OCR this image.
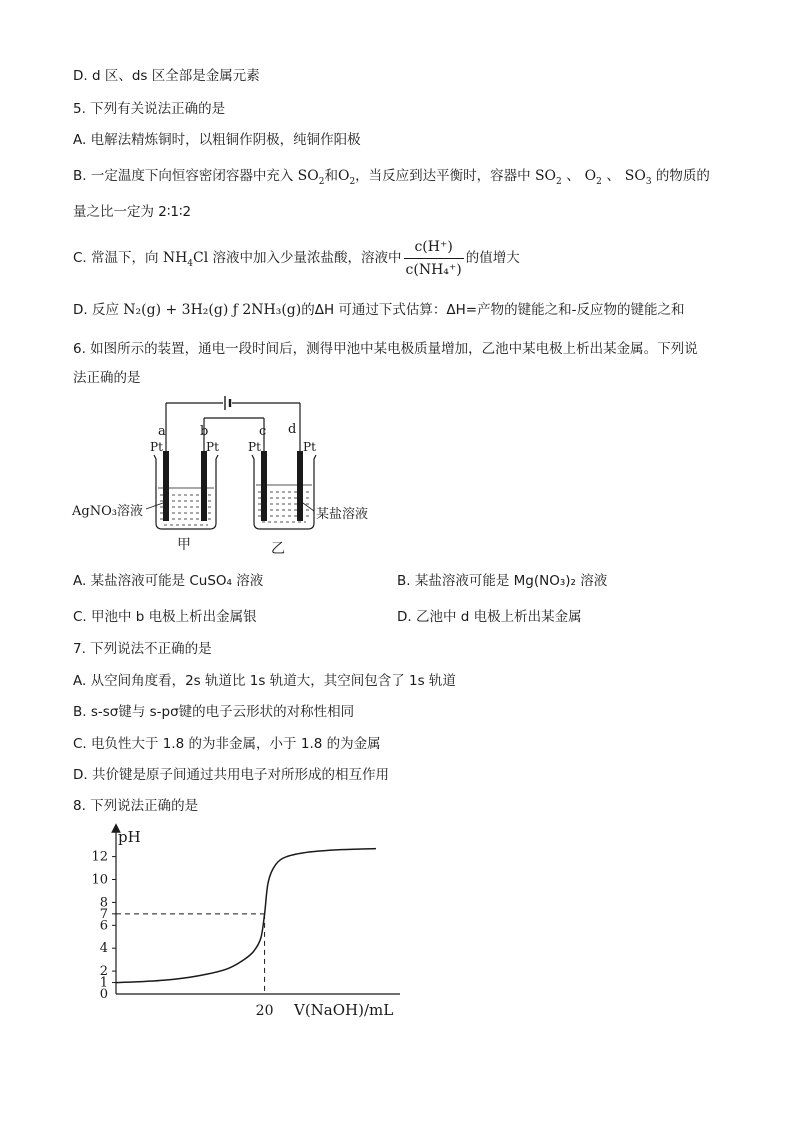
D. d 区、ds 区全部是金属元素
5. 下列有关说法正确的是
A. 电解法精炼铜时，以粗铜作阴极，纯铜作阳极
B. 一定温度下向恒容密闭容器中充入 $SO_2$和$O_2$，当反应到达平衡时，容器中 $SO_2$ 、 $O_2$ 、 $SO_3$ 的物质的
量之比一定为 2∶1∶2
C. 常温下，向 $NH_4Cl$ 溶液中加入少量浓盐酸，溶液中 $\frac{c(H^+)}{\text{c(NH₄⁺)}}$ 的值增大
D. 反应 N₂(g) + 3H₂(g) ƒ 2NH₃(g)的ΔH 可通过下式估算：ΔH=产物的键能之和-反应物的键能之和
6. 如图所示的装置，通电一段时间后，测得甲池中某电极质量增加，乙池中某电极上析出某金属。下列说
法正确的是
a	b	c d
Pt	Pt Pt	Pt
AgNO₃溶液	某盐溶液
甲	乙
A. 某盐溶液可能是 CuSO₄ 溶液	B. 某盐溶液可能是 Mg(NO₃)₂ 溶液
C. 甲池中 b 电极上析出金属银	D. 乙池中 d 电极上析出某金属
7. 下列说法不正确的是
A. 从空间角度看，2s 轨道比 1s 轨道大，其空间包含了 1s 轨道
B. s-sσ键与 s-pσ键的电子云形状的对称性相同
C. 电负性大于 1.8 的为非金属，小于 1.8 的为金属
D. 共价键是原子间通过共用电子对所形成的相互作用
8. 下列说法正确的是
pH
V(NaOH)/mL
0
1
2
4
6
7
8
10
12
20
